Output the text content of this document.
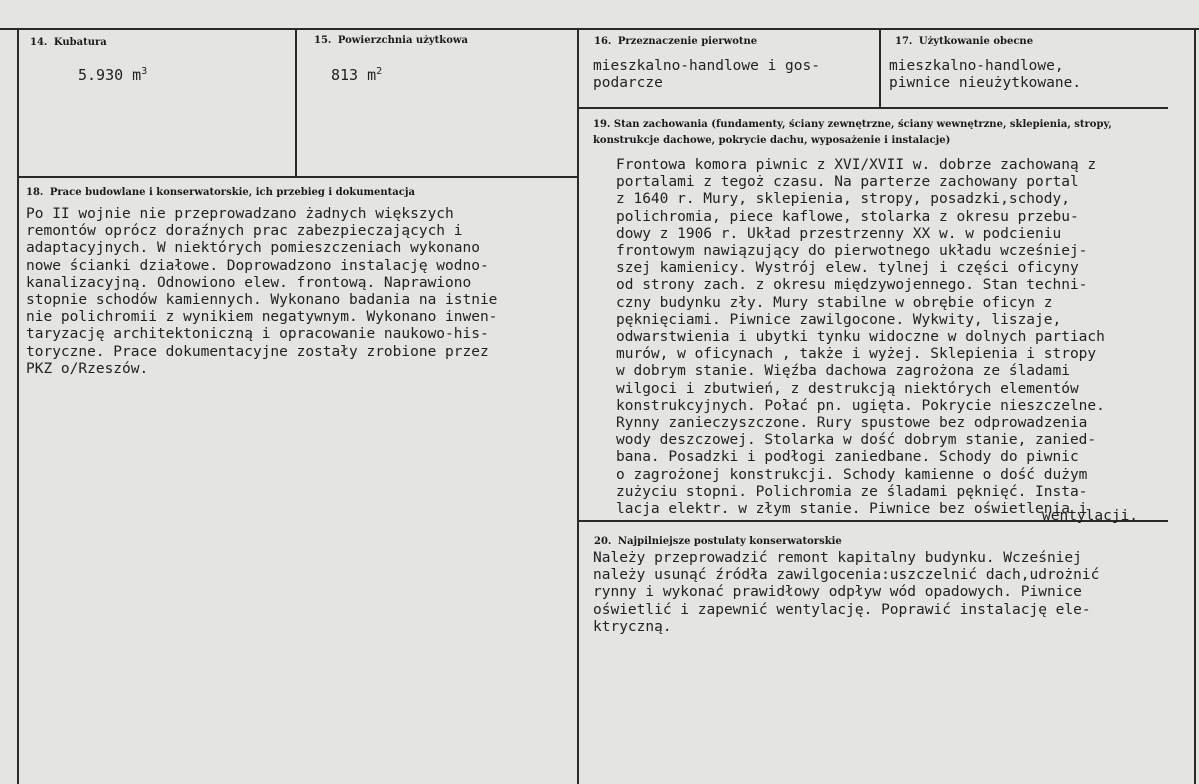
14. Kubatura
5.930 $m^3$
15. Powierzchnia użytkowa
813 $m^2$
16. Przeznaczenie pierwotne
mieszkalno-handlowe i gos-
podarcze
17. Użytkowanie obecne
mieszkalno-handlowe,
piwnice nieużytkowane.
18. Prace budowlane i konserwatorskie, ich przebieg i dokumentacja
Po II wojnie nie przeprowadzano żadnych większych
remontów oprócz doraźnych prac zabezpieczających i
adaptacyjnych. W niektórych pomieszczeniach wykonano
nowe ścianki działowe. Doprowadzono instalację wodno-
kanalizacyjną. Odnowiono elew. frontową. Naprawiono
stopnie schodów kamiennych. Wykonano badania na istnie
nie polichromii z wynikiem negatywnym. Wykonano inwen-
taryzację architektoniczną i opracowanie naukowo-his-
toryczne. Prace dokumentacyjne zostały zrobione przez
PKZ o/Rzeszów.
19. Stan zachowania (fundamenty, ściany zewnętrzne, ściany wewnętrzne, sklepienia, stropy,
konstrukcje dachowe, pokrycie dachu, wyposażenie i instalacje)
Frontowa komora piwnic z XVI/XVII w. dobrze zachowaną z
portalami z tegoż czasu. Na parterze zachowany portal
z 1640 r. Mury, sklepienia, stropy, posadzki,schody,
polichromia, piece kaflowe, stolarka z okresu przebu-
dowy z 1906 r. Układ przestrzenny XX w. w podcieniu
frontowym nawiązujący do pierwotnego układu wcześniej-
szej kamienicy. Wystrój elew. tylnej i części oficyny
od strony zach. z okresu międzywojennego. Stan techni-
czny budynku zły. Mury stabilne w obrębie oficyn z
pęknięciami. Piwnice zawilgocone. Wykwity, liszaje,
odwarstwienia i ubytki tynku widoczne w dolnych partiach
murów, w oficynach , także i wyżej. Sklepienia i stropy
w dobrym stanie. Więźba dachowa zagrożona ze śladami
wilgoci i zbutwień, z destrukcją niektórych elementów
konstrukcyjnych. Połać pn. ugięta. Pokrycie nieszczelne.
Rynny zanieczyszczone. Rury spustowe bez odprowadzenia
wody deszczowej. Stolarka w dość dobrym stanie, zanied-
bana. Posadzki i podłogi zaniedbane. Schody do piwnic
o zagrożonej konstrukcji. Schody kamienne o dość dużym
zużyciu stopni. Polichromia ze śladami pęknięć. Insta-
lacja elektr. w złym stanie. Piwnice bez oświetlenia i
wentylacji.
20. Najpilniejsze postulaty konserwatorskie
Należy przeprowadzić remont kapitalny budynku. Wcześniej
należy usunąć źródła zawilgocenia:uszczelnić dach,udrożnić
rynny i wykonać prawidłowy odpływ wód opadowych. Piwnice
oświetlić i zapewnić wentylację. Poprawić instalację ele-
ktryczną.
